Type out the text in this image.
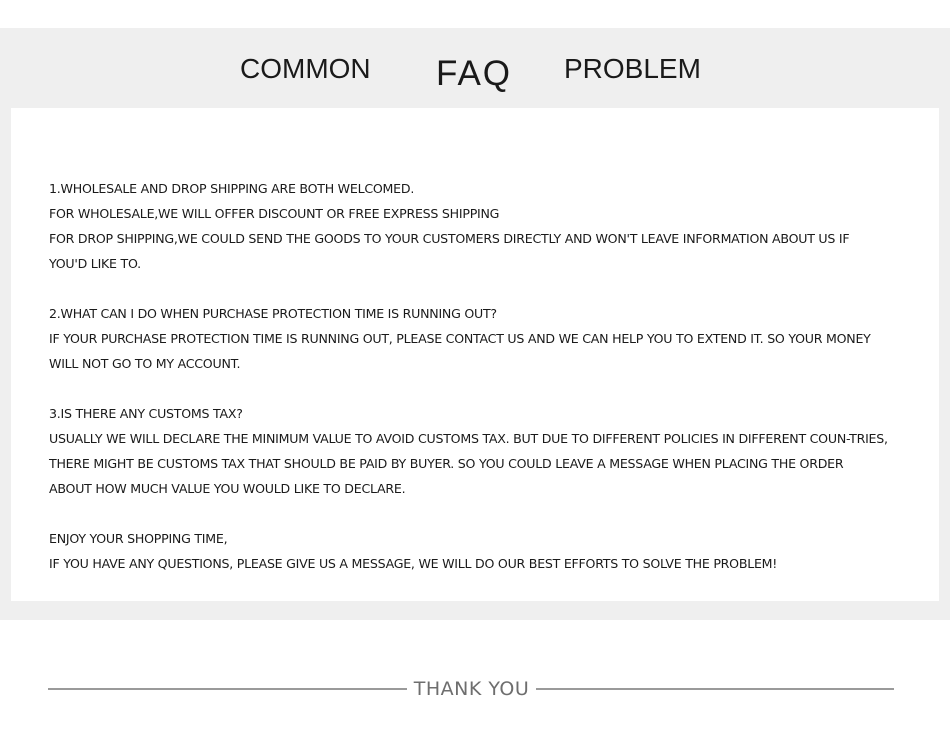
COMMON FAQ PROBLEM

1.WHOLESALE AND DROP SHIPPING ARE BOTH WELCOMED.

FOR WHOLESALE,WE WILL OFFER DISCOUNT OR FREE EXPRESS SHIPPING

FOR DROP SHIPPING,WE COULD SEND THE GOODS TO YOUR CUSTOMERS DIRECTLY AND WON'T LEAVE INFORMATION ABOUT US IF YOU'D LIKE TO.

2.WHAT CAN I DO WHEN PURCHASE PROTECTION TIME IS RUNNING OUT?

IF YOUR PURCHASE PROTECTION TIME IS RUNNING OUT, PLEASE CONTACT US AND WE CAN HELP YOU TO EXTEND IT. SO YOUR MONEY WILL NOT GO TO MY ACCOUNT.

3.IS THERE ANY CUSTOMS TAX?

USUALLY WE WILL DECLARE THE MINIMUM VALUE TO AVOID CUSTOMS TAX. BUT DUE TO DIFFERENT POLICIES IN DIFFERENT COUN-TRIES, THERE MIGHT BE CUSTOMS TAX THAT SHOULD BE PAID BY BUYER. SO YOU COULD LEAVE A MESSAGE WHEN PLACING THE ORDER ABOUT HOW MUCH VALUE YOU WOULD LIKE TO DECLARE.

ENJOY YOUR SHOPPING TIME,

IF YOU HAVE ANY QUESTIONS, PLEASE GIVE US A MESSAGE, WE WILL DO OUR BEST EFFORTS TO SOLVE THE PROBLEM!

THANK YOU
